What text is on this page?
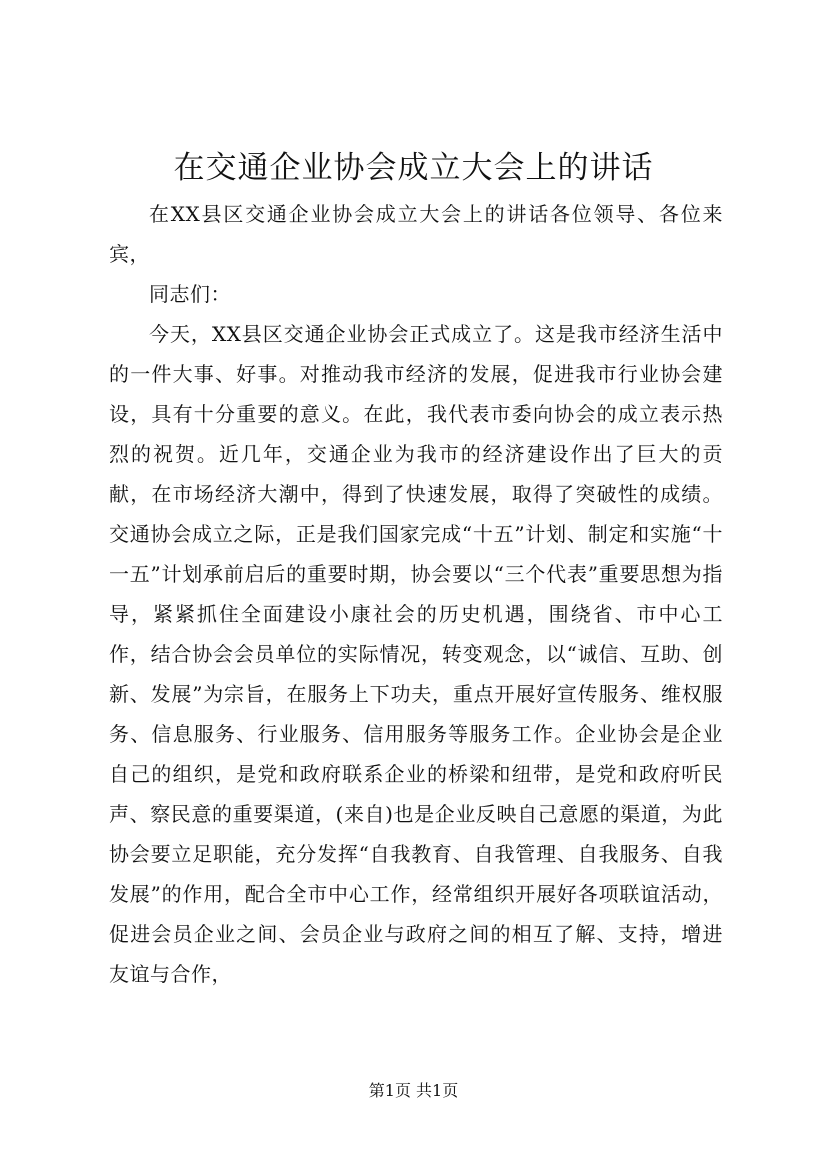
在交通企业协会成立大会上的讲话

在XX县区交通企业协会成立大会上的讲话各位领导、各位来宾，

同志们：

今天，XX县区交通企业协会正式成立了。这是我市经济生活中的一件大事、好事。对推动我市经济的发展，促进我市行业协会建设，具有十分重要的意义。在此，我代表市委向协会的成立表示热烈的祝贺。近几年，交通企业为我市的经济建设作出了巨大的贡献，在市场经济大潮中，得到了快速发展，取得了突破性的成绩。交通协会成立之际，正是我们国家完成“十五”计划、制定和实施“十一五”计划承前启后的重要时期，协会要以“三个代表”重要思想为指导，紧紧抓住全面建设小康社会的历史机遇，围绕省、市中心工作，结合协会会员单位的实际情况，转变观念，以“诚信、互助、创新、发展”为宗旨，在服务上下功夫，重点开展好宣传服务、维权服务、信息服务、行业服务、信用服务等服务工作。企业协会是企业自己的组织，是党和政府联系企业的桥梁和纽带，是党和政府听民声、察民意的重要渠道，(来自)也是企业反映自己意愿的渠道，为此协会要立足职能，充分发挥“自我教育、自我管理、自我服务、自我发展”的作用，配合全市中心工作，经常组织开展好各项联谊活动，促进会员企业之间、会员企业与政府之间的相互了解、支持，增进友谊与合作，

第1页 共1页
